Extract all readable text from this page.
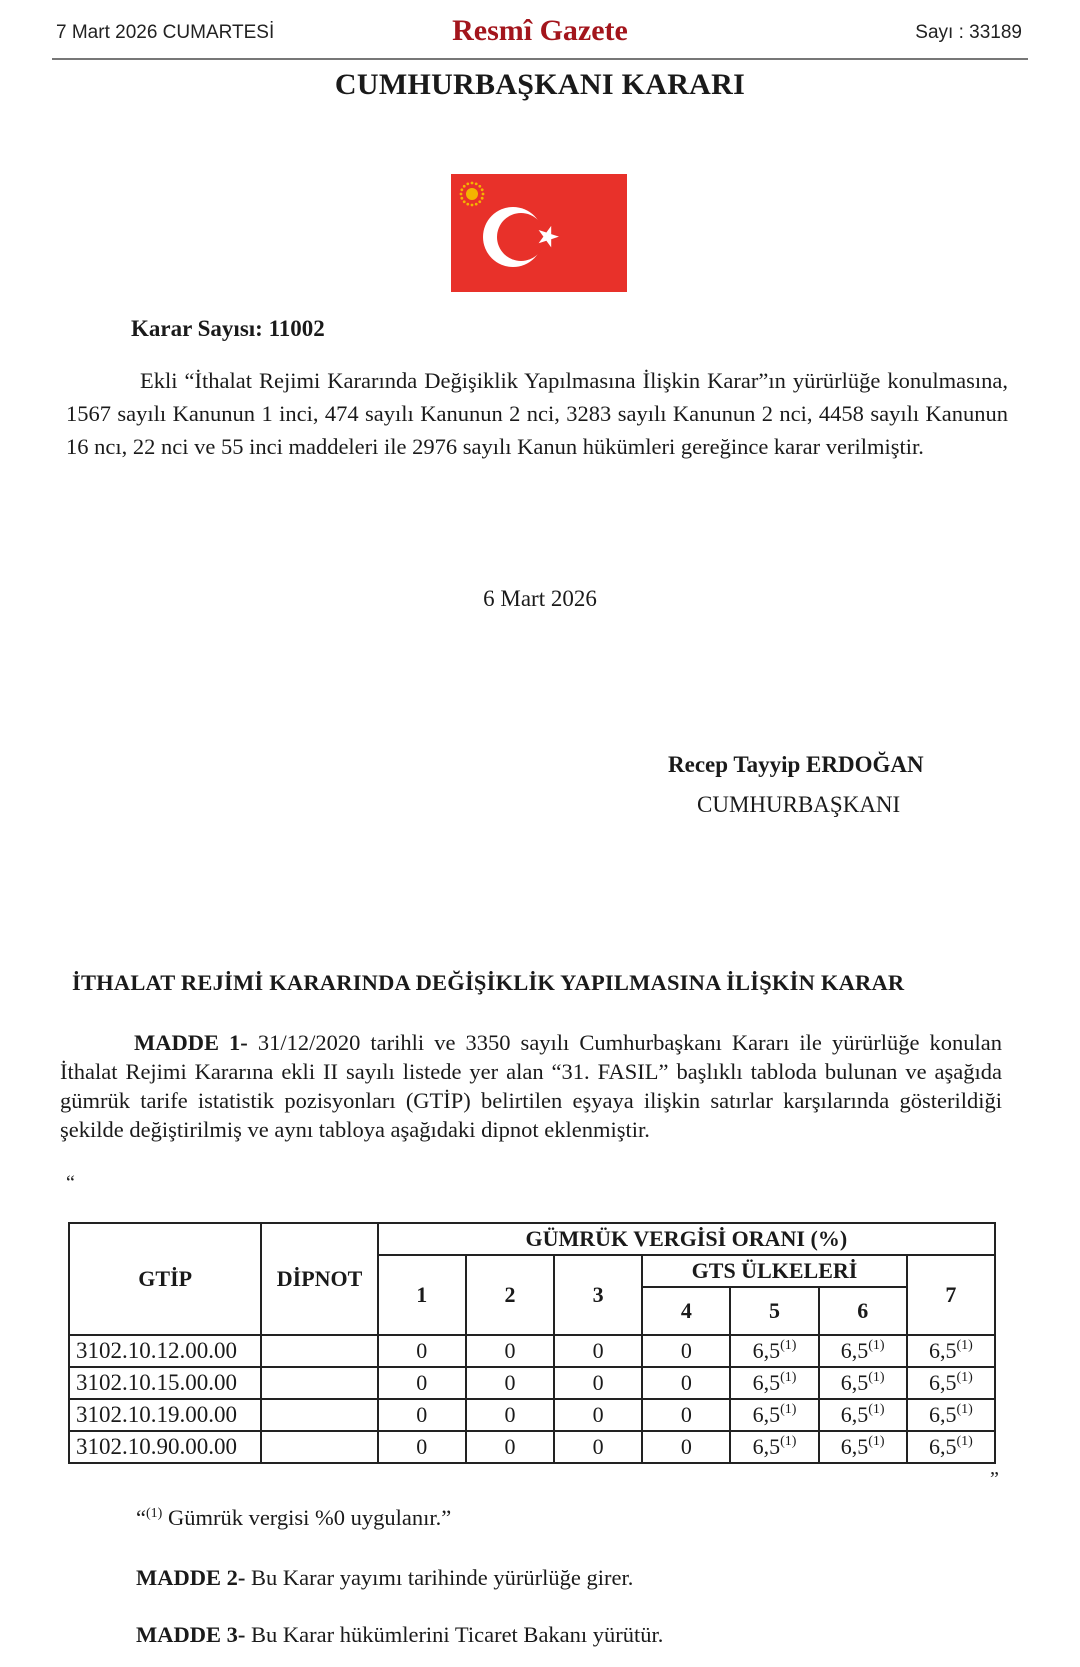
7 Mart 2026 CUMARTESİ	Resmî Gazete	Sayı : 33189
CUMHURBAŞKANI KARARI
Karar Sayısı: 11002

Ekli “İthalat Rejimi Kararında Değişiklik Yapılmasına İlişkin Karar”ın yürürlüğe konulmasına, 1567 sayılı Kanunun 1 inci, 474 sayılı Kanunun 2 nci, 3283 sayılı Kanunun 2 nci, 4458 sayılı Kanunun 16 ncı, 22 nci ve 55 inci maddeleri ile 2976 sayılı Kanun hükümleri gereğince karar verilmiştir.

6 Mart 2026
Recep Tayyip ERDOĞAN
CUMHURBAŞKANI
İTHALAT REJİMİ KARARINDA DEĞİŞİKLİK YAPILMASINA İLİŞKİN KARAR

MADDE 1- 31/12/2020 tarihli ve 3350 sayılı Cumhurbaşkanı Kararı ile yürürlüğe konulan İthalat Rejimi Kararına ekli II sayılı listede yer alan “31. FASIL” başlıklı tabloda bulunan ve aşağıda gümrük tarife istatistik pozisyonları (GTİP) belirtilen eşyaya ilişkin satırlar karşılarında gösterildiği şekilde değiştirilmiş ve aynı tabloya aşağıdaki dipnot eklenmiştir.

“
GTİP	DİPNOT	GÜMRÜK VERGİSİ ORANI (%)						
		1	2	3	GTS ÜLKELERİ			7
					4	5	6	
3102.10.12.00.00		0	0	0	0	6,5$^{(1)}$	6,5$^{(1)}$	6,5$^{(1)}$
3102.10.15.00.00		0	0	0	0	6,5$^{(1)}$	6,5$^{(1)}$	6,5$^{(1)}$
3102.10.19.00.00		0	0	0	0	6,5$^{(1)}$	6,5$^{(1)}$	6,5$^{(1)}$
3102.10.90.00.00		0	0	0	0	6,5$^{(1)}$	6,5$^{(1)}$	6,5$^{(1)}$
”
“$^{(1)}$ Gümrük vergisi %0 uygulanır.”
MADDE 2- Bu Karar yayımı tarihinde yürürlüğe girer.
MADDE 3- Bu Karar hükümlerini Ticaret Bakanı yürütür.
